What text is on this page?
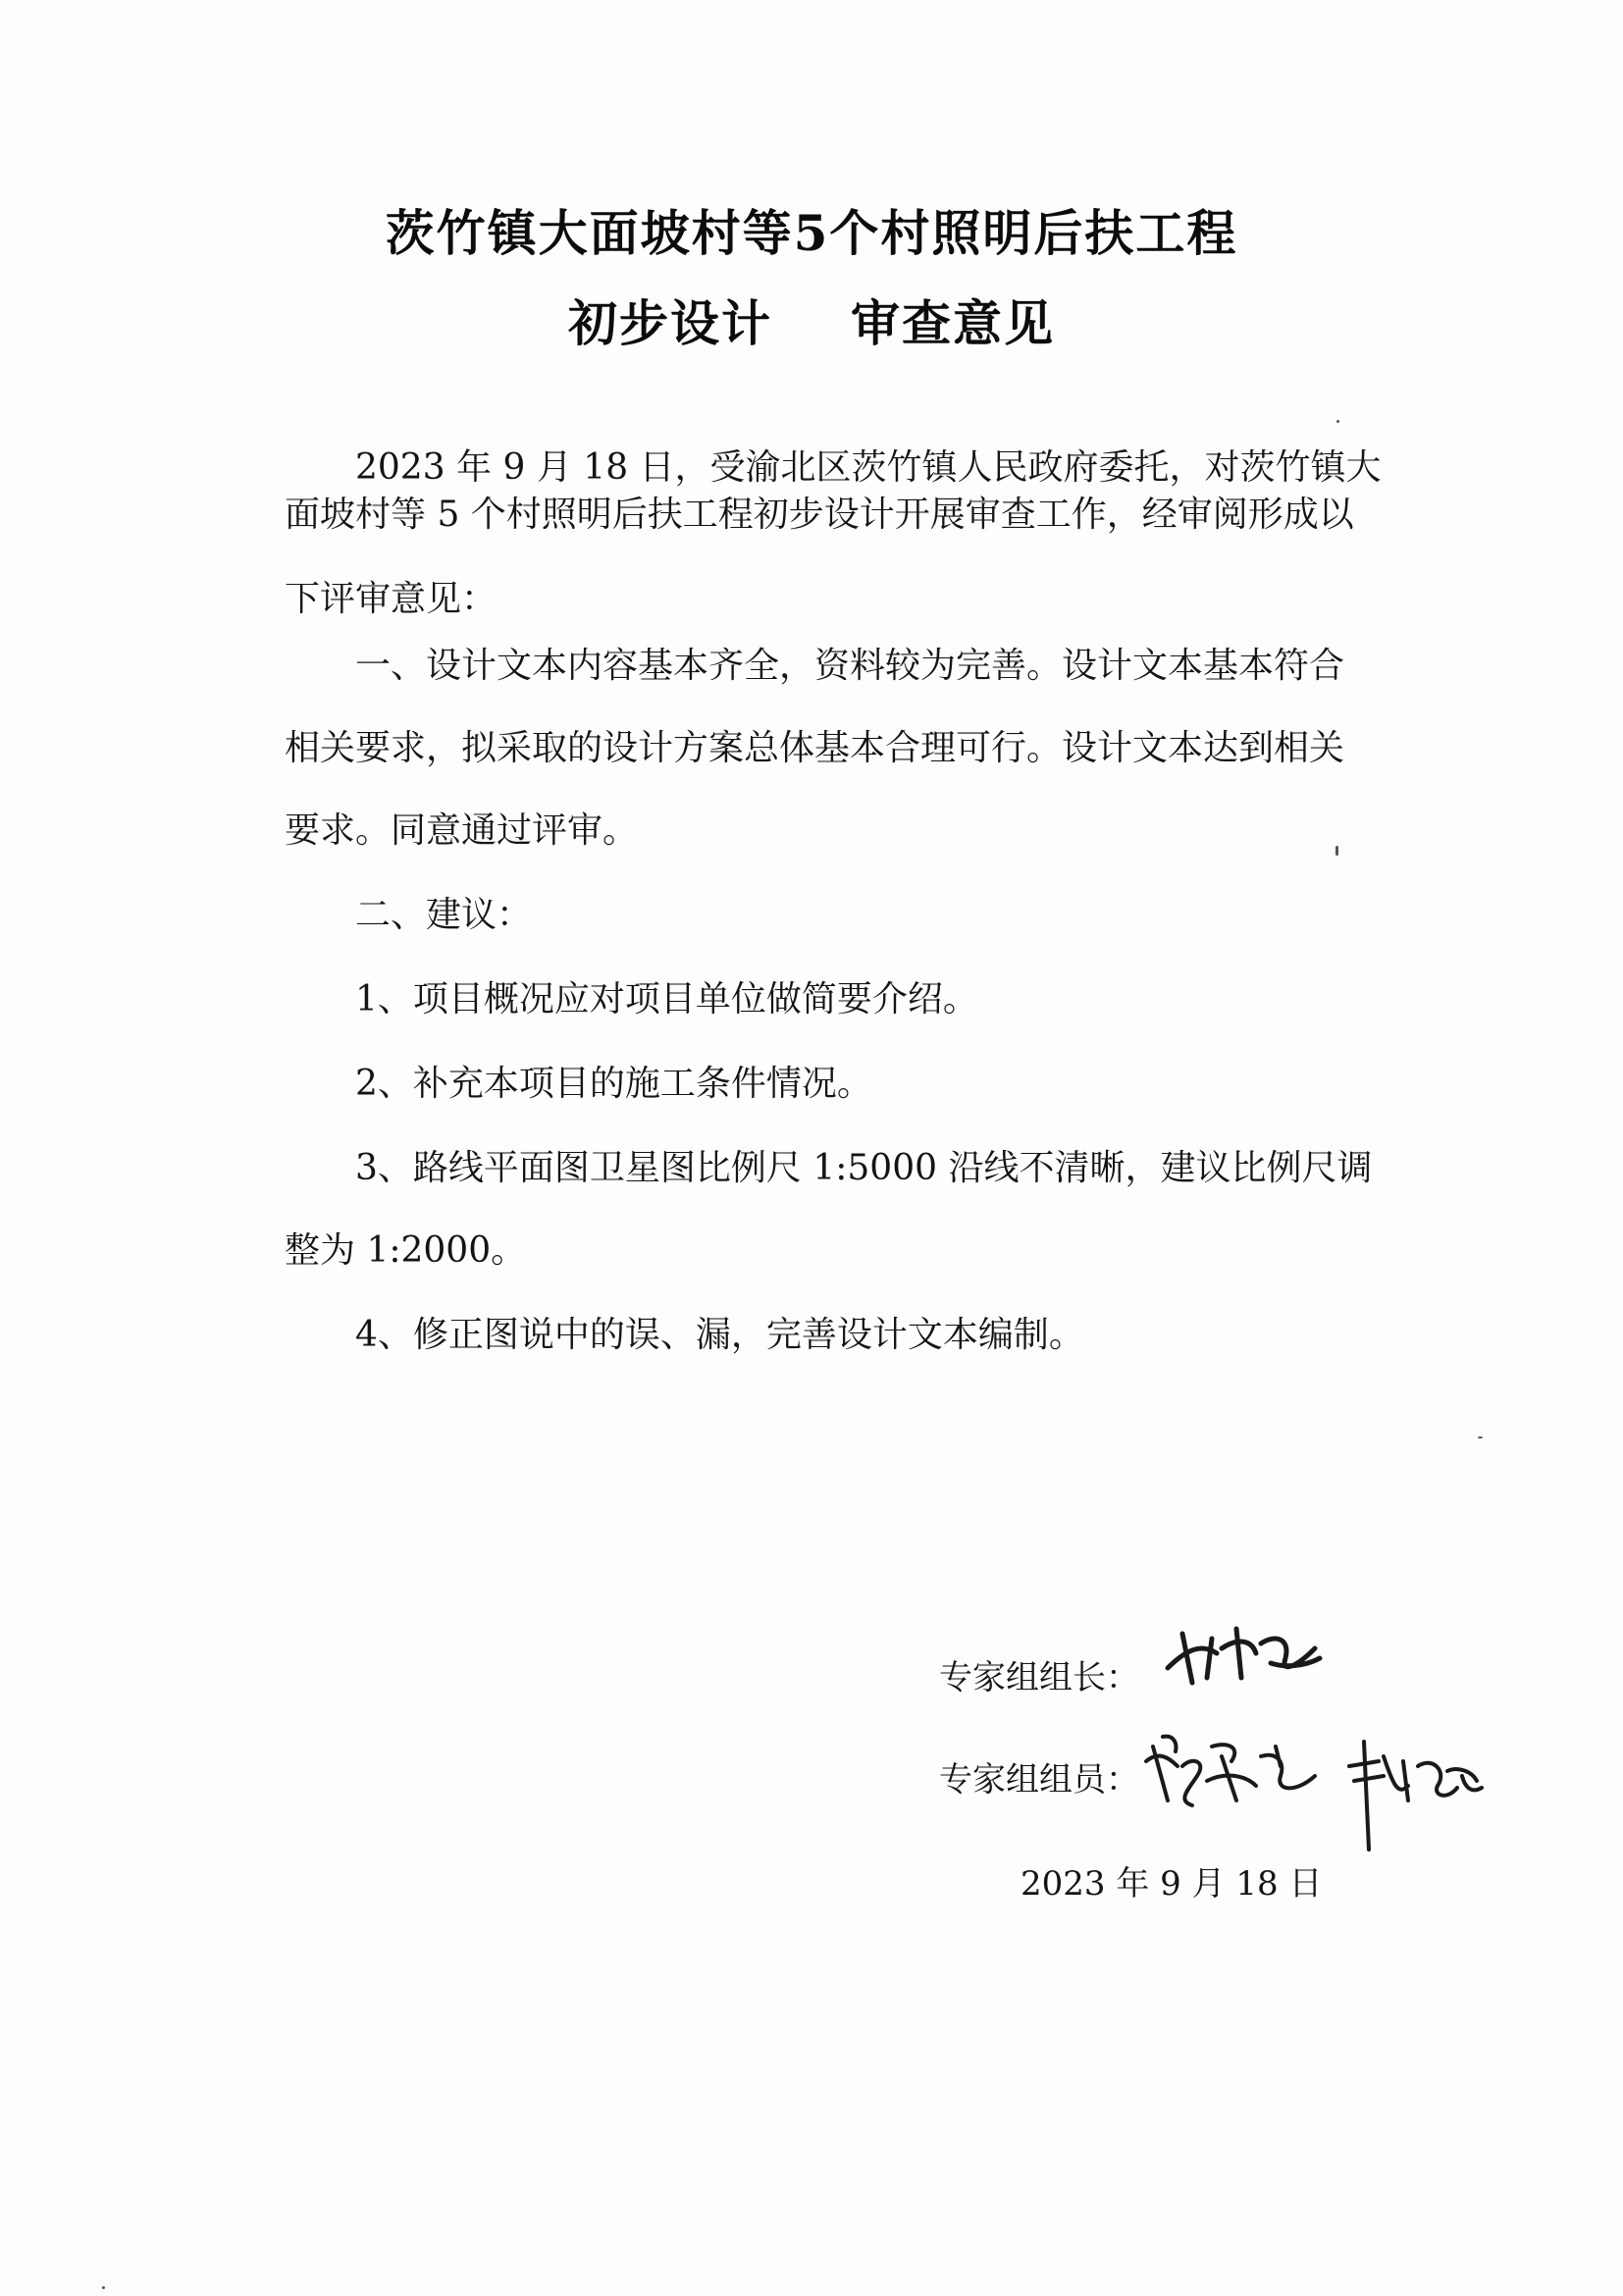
茨竹镇大面坡村等5个村照明后扶工程
初步设计 审查意见
2023 年 9 月 18 日，受渝北区茨竹镇人民政府委托，对茨竹镇大
面坡村等 5 个村照明后扶工程初步设计开展审查工作，经审阅形成以
下评审意见：
一、设计文本内容基本齐全，资料较为完善。设计文本基本符合
相关要求，拟采取的设计方案总体基本合理可行。设计文本达到相关
要求。同意通过评审。
二、建议：
1、项目概况应对项目单位做简要介绍。
2、补充本项目的施工条件情况。
3、路线平面图卫星图比例尺 1:5000 沿线不清晰，建议比例尺调
整为 1:2000。
4、修正图说中的误、漏，完善设计文本编制。
专家组组长：
专家组组员：
2023 年 9 月 18 日
